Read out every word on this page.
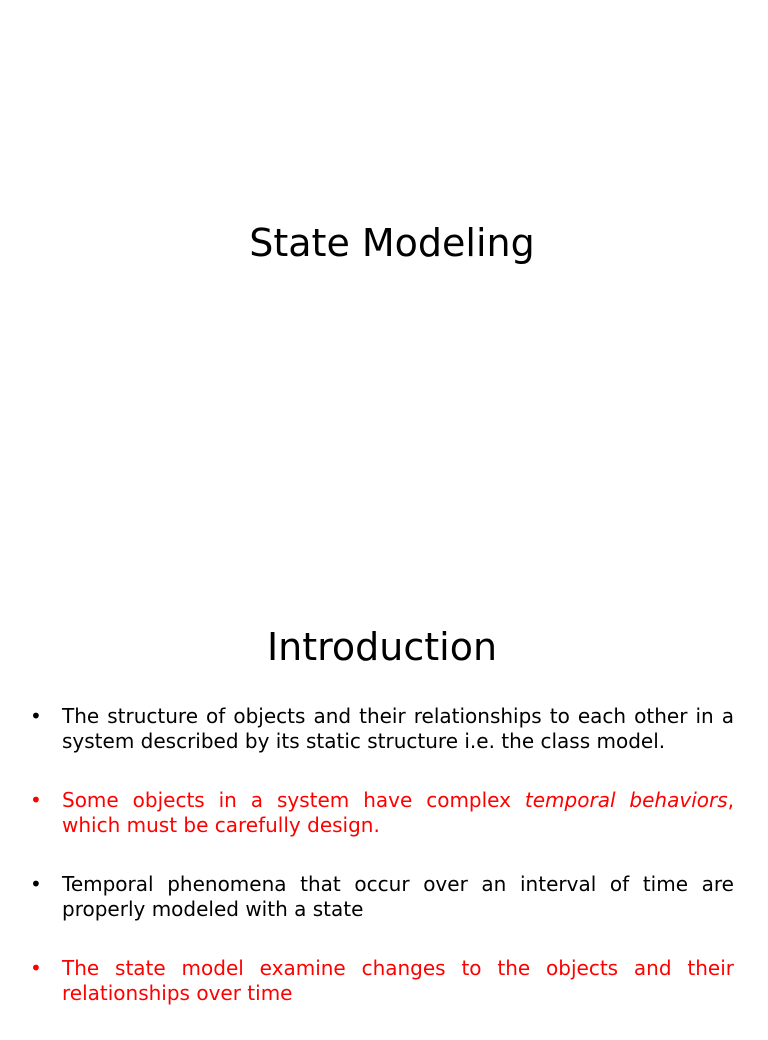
State Modeling
Introduction
• The structure of objects and their relationships to each other in a system described by its static structure i.e. the class model.
• Some objects in a system have complex temporal behaviors, which must be carefully design.
• Temporal phenomena that occur over an interval of time are properly modeled with a state
• The state model examine changes to the objects and their relationships over time
